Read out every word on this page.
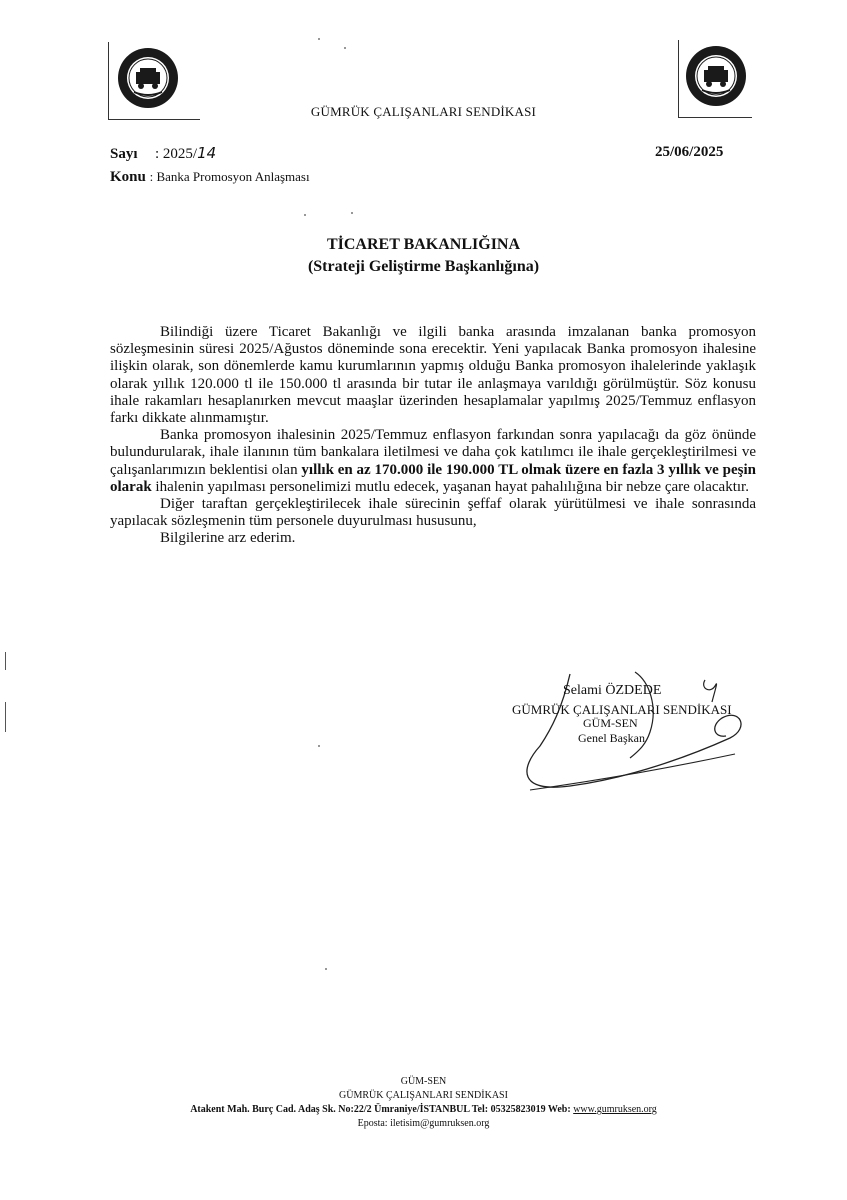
GÜMRÜK ÇALIŞANLARI SENDİKASI
Sayı : 2025/14	25/06/2025
Konu : Banka Promosyon Anlaşması
TİCARET BAKANLIĞINA
(Strateji Geliştirme Başkanlığına)

Bilindiği üzere Ticaret Bakanlığı ve ilgili banka arasında imzalanan banka promosyon sözleşmesinin süresi 2025/Ağustos döneminde sona erecektir. Yeni yapılacak Banka promosyon ihalesine ilişkin olarak, son dönemlerde kamu kurumlarının yapmış olduğu Banka promosyon ihalelerinde yaklaşık olarak yıllık 120.000 tl ile 150.000 tl arasında bir tutar ile anlaşmaya varıldığı görülmüştür. Söz konusu ihale rakamları hesaplanırken mevcut maaşlar üzerinden hesaplamalar yapılmış 2025/Temmuz enflasyon farkı dikkate alınmamıştır.

Banka promosyon ihalesinin 2025/Temmuz enflasyon farkından sonra yapılacağı da göz önünde bulundurularak, ihale ilanının tüm bankalara iletilmesi ve daha çok katılımcı ile ihale gerçekleştirilmesi ve çalışanlarımızın beklentisi olan yıllık en az 170.000 ile 190.000 TL olmak üzere en fazla 3 yıllık ve peşin olarak ihalenin yapılması personelimizi mutlu edecek, yaşanan hayat pahalılığına bir nebze çare olacaktır.

Diğer taraftan gerçekleştirilecek ihale sürecinin şeffaf olarak yürütülmesi ve ihale sonrasında yapılacak sözleşmenin tüm personele duyurulması hususunu,

Bilgilerine arz ederim.

Selami ÖZDEDE
GÜMRÜK ÇALIŞANLARI SENDİKASI
GÜM-SEN
Genel Başkan
GÜM-SEN
GÜMRÜK ÇALIŞANLARI SENDİKASI
Atakent Mah. Burç Cad. Adaş Sk. No:22/2 Ümraniye/İSTANBUL Tel: 05325823019 Web: www.gumruksen.org
Eposta: iletisim@gumruksen.org
